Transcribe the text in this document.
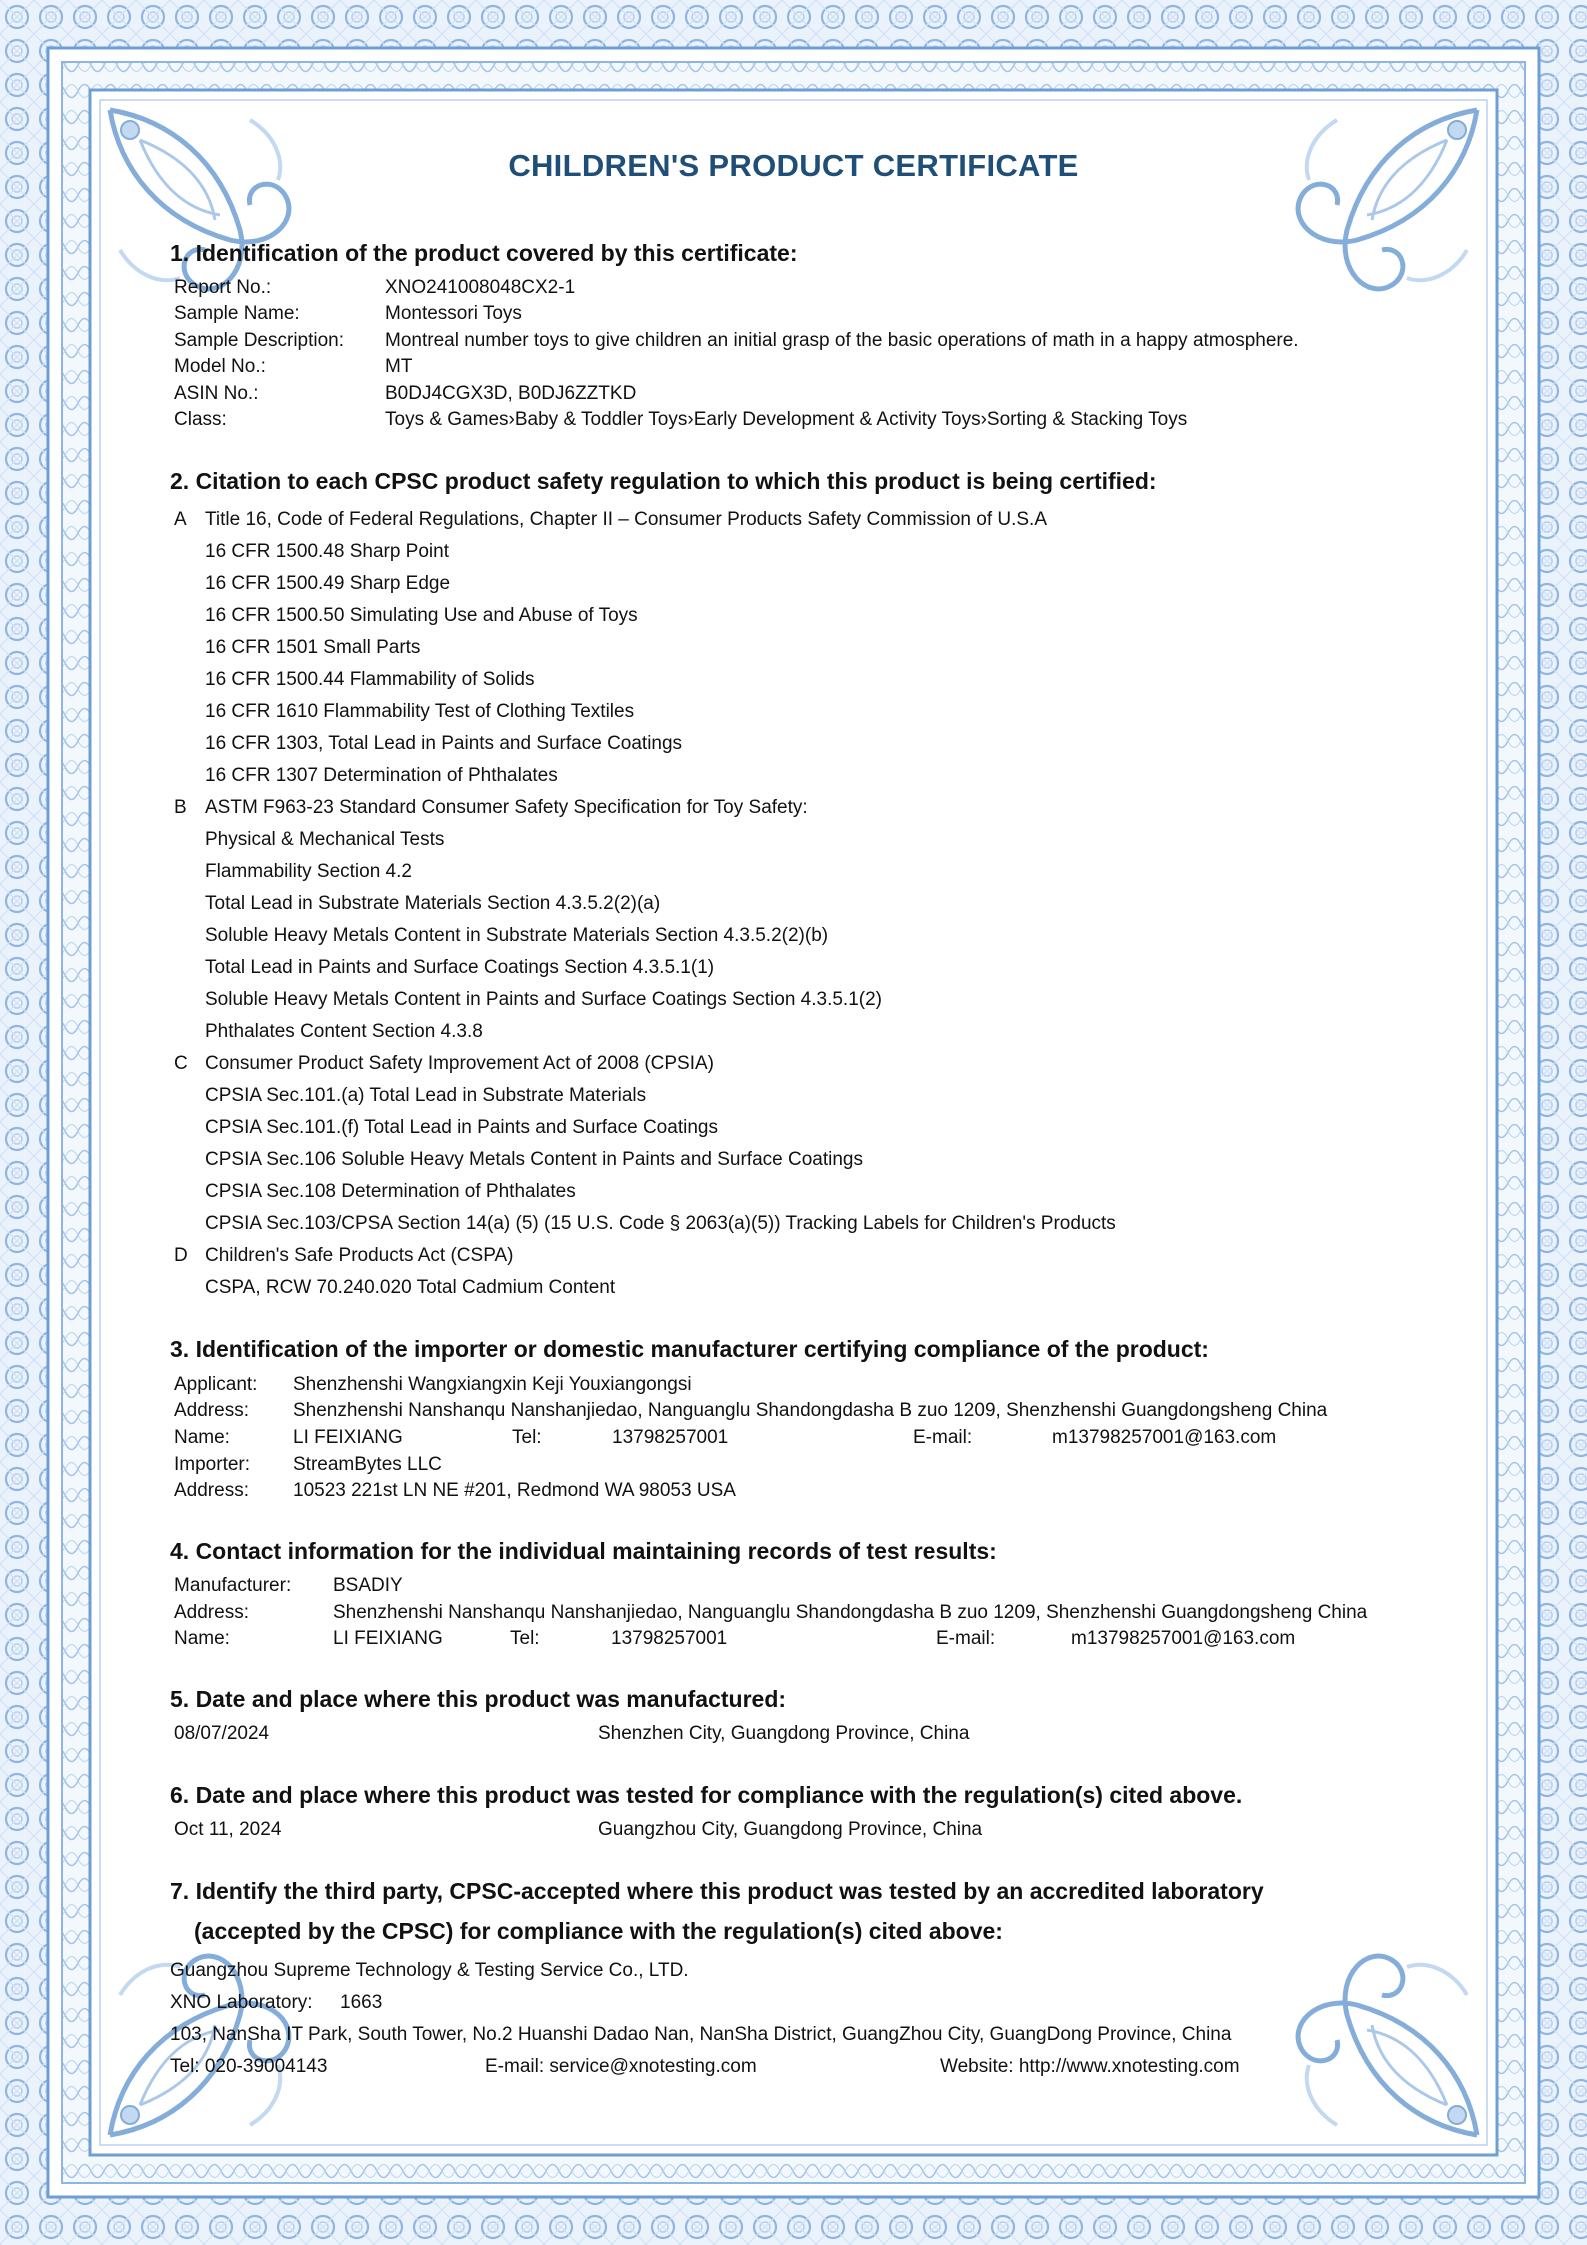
CHILDREN'S PRODUCT CERTIFICATE
1. Identification of the product covered by this certificate:
Report No.:	XNO241008048CX2-1
Sample Name:	Montessori Toys
Sample Description: Montreal number toys to give children an initial grasp of the basic operations of math in a happy atmosphere.
Model No.:	MT
ASIN No.:	B0DJ4CGX3D, B0DJ6ZZTKD
Class:	Toys & Games›Baby & Toddler Toys›Early Development & Activity Toys›Sorting & Stacking Toys
2. Citation to each CPSC product safety regulation to which this product is being certified:
A Title 16, Code of Federal Regulations, Chapter II – Consumer Products Safety Commission of U.S.A
16 CFR 1500.48 Sharp Point
16 CFR 1500.49 Sharp Edge
16 CFR 1500.50 Simulating Use and Abuse of Toys
16 CFR 1501 Small Parts
16 CFR 1500.44 Flammability of Solids
16 CFR 1610 Flammability Test of Clothing Textiles
16 CFR 1303, Total Lead in Paints and Surface Coatings
16 CFR 1307 Determination of Phthalates
B ASTM F963-23 Standard Consumer Safety Specification for Toy Safety:
Physical & Mechanical Tests
Flammability Section 4.2
Total Lead in Substrate Materials Section 4.3.5.2(2)(a)
Soluble Heavy Metals Content in Substrate Materials Section 4.3.5.2(2)(b)
Total Lead in Paints and Surface Coatings Section 4.3.5.1(1)
Soluble Heavy Metals Content in Paints and Surface Coatings Section 4.3.5.1(2)
Phthalates Content Section 4.3.8
C Consumer Product Safety Improvement Act of 2008 (CPSIA)
CPSIA Sec.101.(a) Total Lead in Substrate Materials
CPSIA Sec.101.(f) Total Lead in Paints and Surface Coatings
CPSIA Sec.106 Soluble Heavy Metals Content in Paints and Surface Coatings
CPSIA Sec.108 Determination of Phthalates
CPSIA Sec.103/CPSA Section 14(a) (5) (15 U.S. Code § 2063(a)(5)) Tracking Labels for Children's Products
D Children's Safe Products Act (CSPA)
CSPA, RCW 70.240.020 Total Cadmium Content
3. Identification of the importer or domestic manufacturer certifying compliance of the product:
Applicant: Shenzhenshi Wangxiangxin Keji Youxiangongsi
Address: Shenzhenshi Nanshanqu Nanshanjiedao, Nanguanglu Shandongdasha B zuo 1209, Shenzhenshi Guangdongsheng China
Name:	LI FEIXIANG	Tel:	13798257001	E-mail:	m13798257001@163.com
Importer: StreamBytes LLC
Address: 10523 221st LN NE #201, Redmond WA 98053 USA
4. Contact information for the individual maintaining records of test results:
Manufacturer: BSADIY
Address:	Shenzhenshi Nanshanqu Nanshanjiedao, Nanguanglu Shandongdasha B zuo 1209, Shenzhenshi Guangdongsheng China
Name:	LI FEIXIANG	Tel:	13798257001	E-mail:	m13798257001@163.com
5. Date and place where this product was manufactured:
08/07/2024	Shenzhen City, Guangdong Province, China
6. Date and place where this product was tested for compliance with the regulation(s) cited above.
Oct 11, 2024	Guangzhou City, Guangdong Province, China
7. Identify the third party, CPSC-accepted where this product was tested by an accredited laboratory
(accepted by the CPSC) for compliance with the regulation(s) cited above:
Guangzhou Supreme Technology & Testing Service Co., LTD.
XNO Laboratory: 1663
103, NanSha IT Park, South Tower, No.2 Huanshi Dadao Nan, NanSha District, GuangZhou City, GuangDong Province, China
Tel: 020-39004143	E-mail: service@xnotesting.com	Website: http://www.xnotesting.com
